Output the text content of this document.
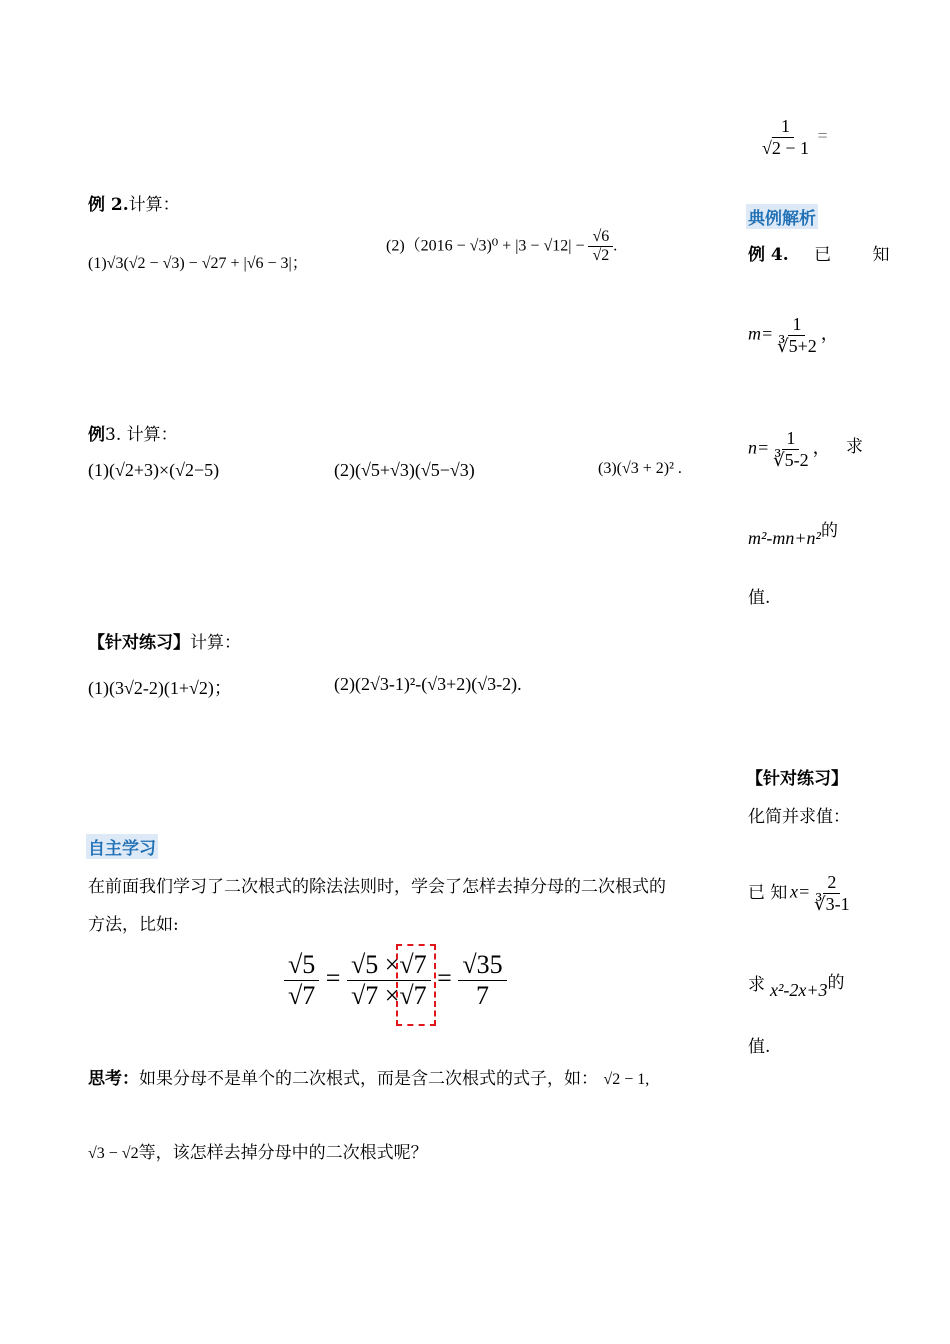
$\frac{1}{√2 - 1}$ =
典例解析
例 4. 已 知
$m= \frac{1}{∛5+2}$ ，
$n= \frac{1}{∛5-2}$ ， 求
m²-mn+n²的
值.
【针对练习】
化简并求值：
已 知 $x= \frac{2}{∛3-1}$
求 x²-2x+3的
值.
例 2.计算：
(1)√3(√2 − √3) − √27 + |√6 − 3|；
$(2)(2016 - √3)^0 + |3 - √12| - \frac{√6}{√2}$ .
例3. 计算：
(1)(√2+3)×(√2−5)	(2)(√5+√3)(√5−√3)	(3)(√3 + 2)² .
【针对练习】计算：
(1)(3√2-2)(1+√2)；	(2)(2√3-1)²-(√3+2)(√3-2).
自主学习

在前面我们学习了二次根式的除法法则时，学会了怎样去掉分母的二次根式的

方法，比如:

$\frac{√5}{√7} = \frac{√5 \times√7}{√7 \times√7} = \frac{√35}{7}$
思考：如果分母不是单个的二次根式，而是含二次根式的式子，如： √2 − 1,
√3 − √2等，该怎样去掉分母中的二次根式呢？
